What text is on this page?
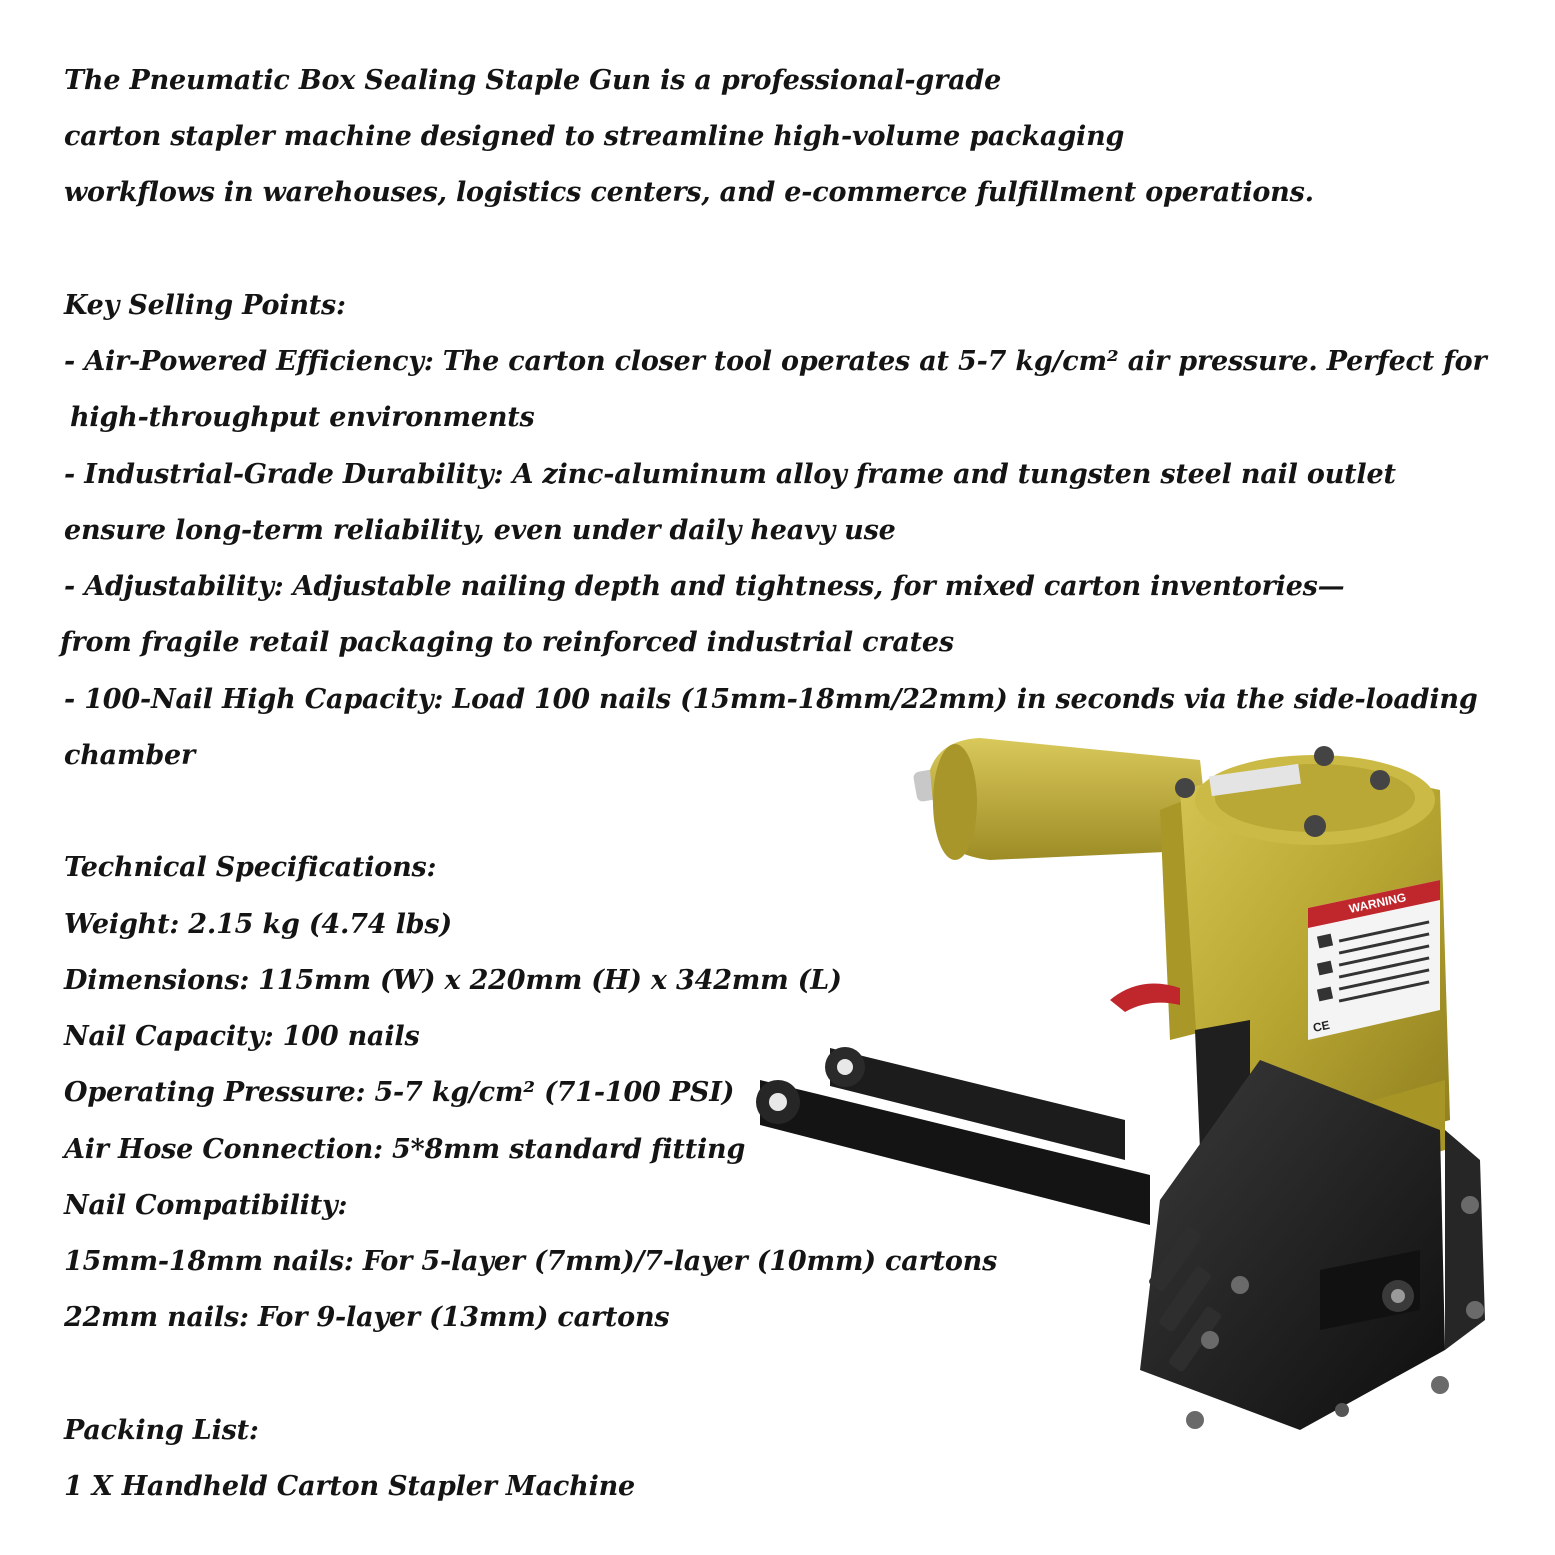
The Pneumatic Box Sealing Staple Gun is a professional-grade
carton stapler machine designed to streamline high-volume packaging
workflows in warehouses, logistics centers, and e-commerce fulfillment operations.
Key Selling Points:
- Air-Powered Efficiency: The carton closer tool operates at 5-7 kg/cm² air pressure. Perfect for
high-throughput environments
- Industrial-Grade Durability: A zinc-aluminum alloy frame and tungsten steel nail outlet
ensure long-term reliability, even under daily heavy use
- Adjustability: Adjustable nailing depth and tightness, for mixed carton inventories—
from fragile retail packaging to reinforced industrial crates
- 100-Nail High Capacity: Load 100 nails (15mm-18mm/22mm) in seconds via the side-loading
chamber
Technical Specifications:
Weight: 2.15 kg (4.74 lbs)
Dimensions: 115mm (W) x 220mm (H) x 342mm (L)
Nail Capacity: 100 nails
Operating Pressure: 5-7 kg/cm² (71-100 PSI)
Air Hose Connection: 5*8mm standard fitting
Nail Compatibility:
15mm-18mm nails: For 5-layer (7mm)/7-layer (10mm) cartons
22mm nails: For 9-layer (13mm) cartons
Packing List:
1 X Handheld Carton Stapler Machine
WARNING
CE
